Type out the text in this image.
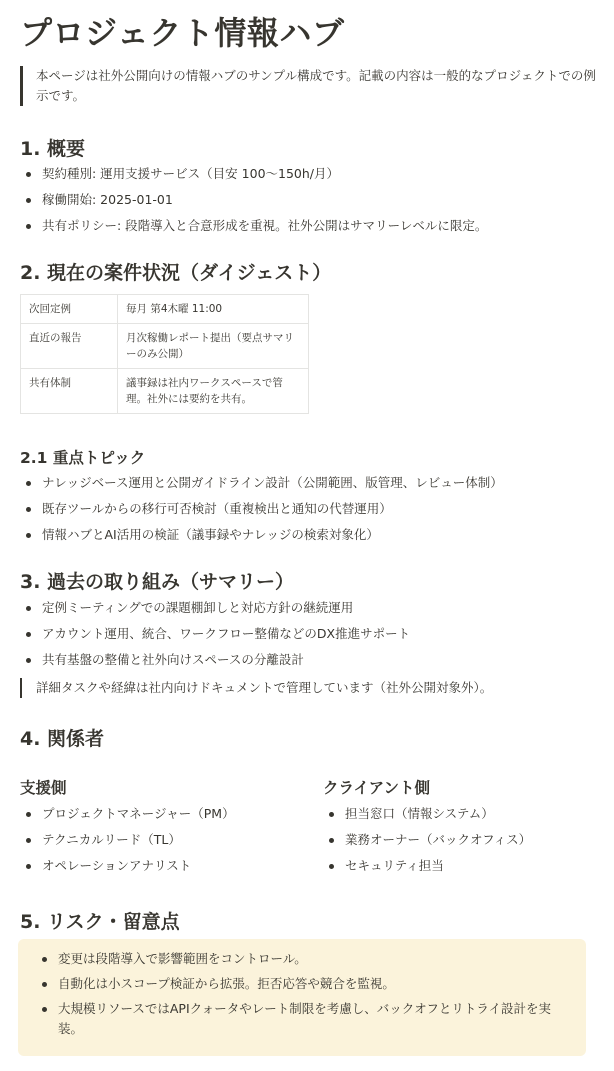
プロジェクト情報ハブ
本ページは社外公開向けの情報ハブのサンプル構成です。記載の内容は一般的なプロジェクトでの例示です。
1. 概要
契約種別: 運用支援サービス（目安 100〜150h/月）
稼働開始: 2025-01-01
共有ポリシー: 段階導入と合意形成を重視。社外公開はサマリーレベルに限定。
2. 現在の案件状況（ダイジェスト）
次回定例	毎月 第4木曜 11:00
直近の報告	月次稼働レポート提出（要点サマリーのみ公開）
共有体制	議事録は社内ワークスペースで管理。社外には要約を共有。
2.1 重点トピック
ナレッジベース運用と公開ガイドライン設計（公開範囲、版管理、レビュー体制）
既存ツールからの移行可否検討（重複検出と通知の代替運用）
情報ハブとAI活用の検証（議事録やナレッジの検索対象化）
3. 過去の取り組み（サマリー）
定例ミーティングでの課題棚卸しと対応方針の継続運用
アカウント運用、統合、ワークフロー整備などのDX推進サポート
共有基盤の整備と社外向けスペースの分離設計
詳細タスクや経緯は社内向けドキュメントで管理しています（社外公開対象外）。
4. 関係者
支援側
プロジェクトマネージャー（PM）
テクニカルリード（TL）
オペレーションアナリスト
クライアント側
担当窓口（情報システム）
業務オーナー（バックオフィス）
セキュリティ担当
5. リスク・留意点
変更は段階導入で影響範囲をコントロール。
自動化は小スコープ検証から拡張。拒否応答や競合を監視。
大規模リソースではAPIクォータやレート制限を考慮し、バックオフとリトライ設計を実装。
